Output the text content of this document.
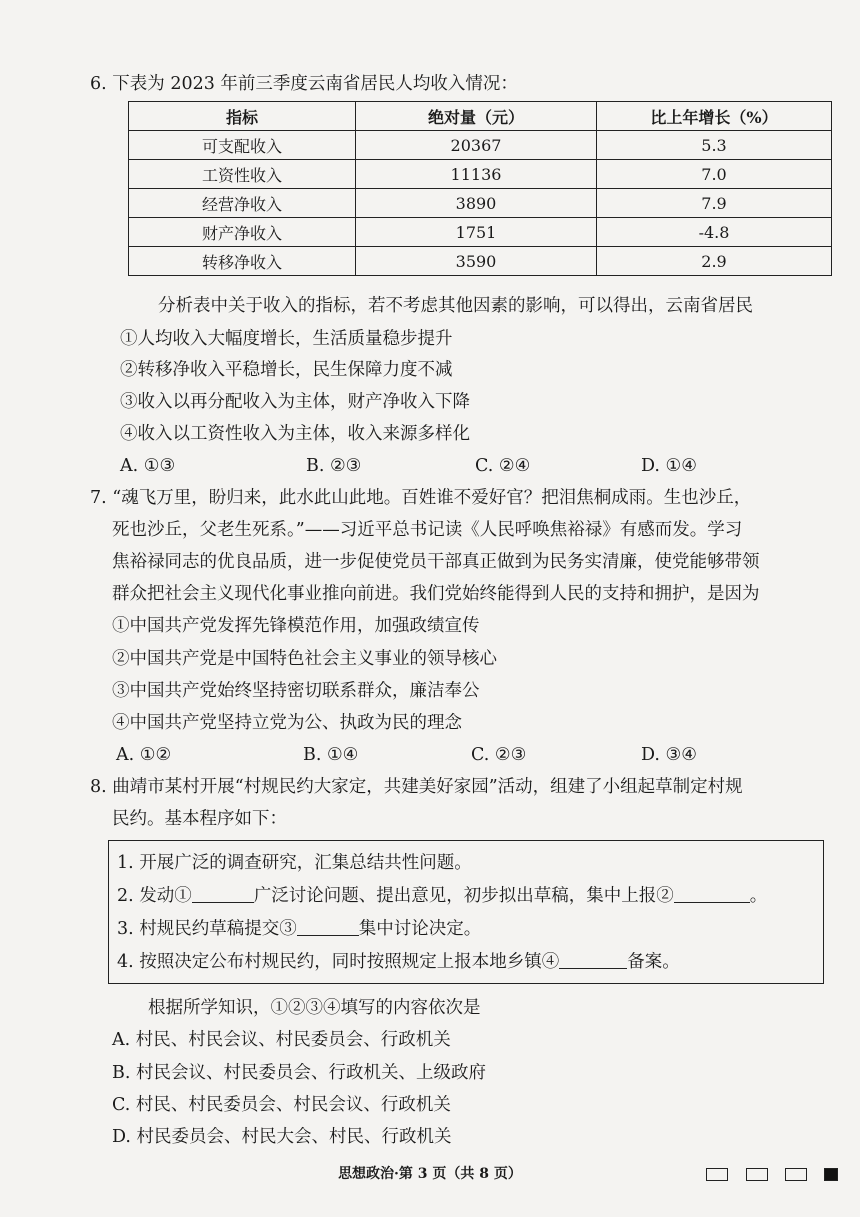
6. 下表为 2023 年前三季度云南省居民人均收入情况：
指标	绝对量（元）	比上年增长（%）
可支配收入	20367	5.3
工资性收入	11136	7.0
经营净收入	3890	7.9
财产净收入	1751	-4.8
转移净收入	3590	2.9
分析表中关于收入的指标，若不考虑其他因素的影响，可以得出，云南省居民
①人均收入大幅度增长，生活质量稳步提升
②转移净收入平稳增长，民生保障力度不减
③收入以再分配收入为主体，财产净收入下降
④收入以工资性收入为主体，收入来源多样化
A. ①③	B. ②③	C. ②④	D. ①④
7. “魂飞万里，盼归来，此水此山此地。百姓谁不爱好官？把泪焦桐成雨。生也沙丘，
死也沙丘，父老生死系。”——习近平总书记读《人民呼唤焦裕禄》有感而发。学习
焦裕禄同志的优良品质，进一步促使党员干部真正做到为民务实清廉，使党能够带领
群众把社会主义现代化事业推向前进。我们党始终能得到人民的支持和拥护，是因为
①中国共产党发挥先锋模范作用，加强政绩宣传
②中国共产党是中国特色社会主义事业的领导核心
③中国共产党始终坚持密切联系群众，廉洁奉公
④中国共产党坚持立党为公、执政为民的理念
A. ①②	B. ①④	C. ②③	D. ③④
8. 曲靖市某村开展“村规民约大家定，共建美好家园”活动，组建了小组起草制定村规
民约。基本程序如下：
1. 开展广泛的调查研究，汇集总结共性问题。
2. 发动①	广泛讨论问题、提出意见，初步拟出草稿，集中上报②	。
3. 村规民约草稿提交③	集中讨论决定。
4. 按照决定公布村规民约，同时按照规定上报本地乡镇④	备案。
根据所学知识，①②③④填写的内容依次是
A. 村民、村民会议、村民委员会、行政机关
B. 村民会议、村民委员会、行政机关、上级政府
C. 村民、村民委员会、村民会议、行政机关
D. 村民委员会、村民大会、村民、行政机关
思想政治·第 3 页（共 8 页）
